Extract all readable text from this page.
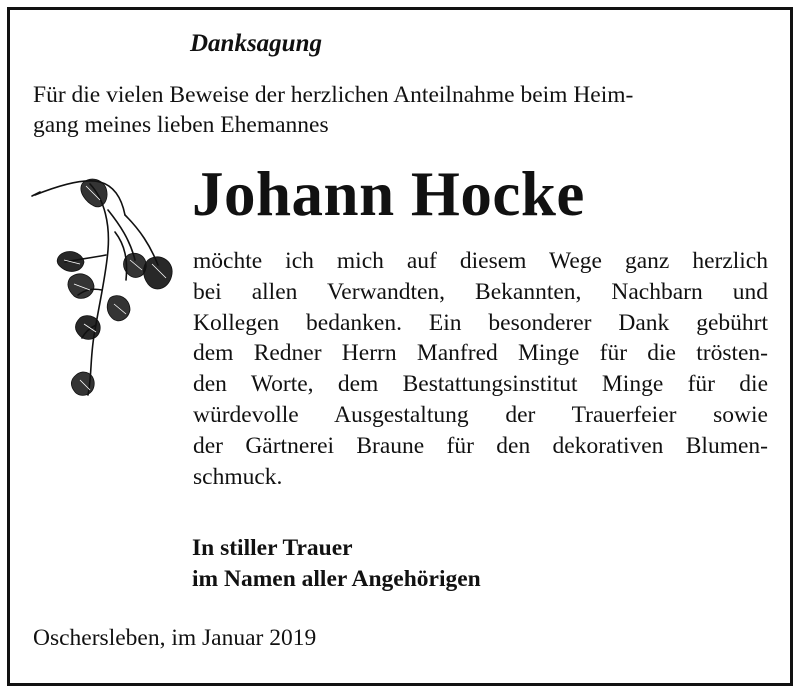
Danksagung
Für die vielen Beweise der herzlichen Anteilnahme beim Heim-
gang meines lieben Ehemannes
Johann Hocke
möchte ich mich auf diesem Wege ganz herzlich
bei allen Verwandten, Bekannten, Nachbarn und
Kollegen bedanken. Ein besonderer Dank gebührt
dem Redner Herrn Manfred Minge für die trösten-
den Worte, dem Bestattungsinstitut Minge für die
würdevolle Ausgestaltung der Trauerfeier sowie
der Gärtnerei Braune für den dekorativen Blumen-
schmuck.
In stiller Trauer
im Namen aller Angehörigen
Oschersleben, im Januar 2019
